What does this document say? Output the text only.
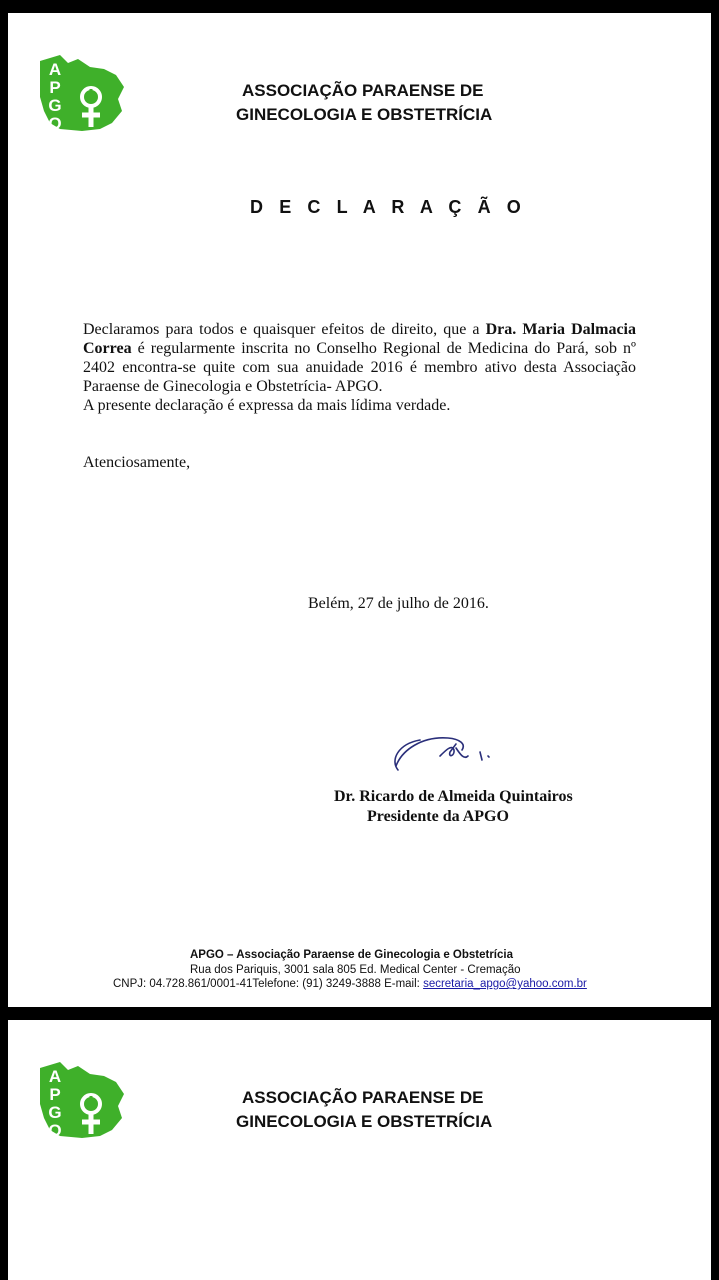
A
P
G
O
ASSOCIAÇÃO PARAENSE DE
GINECOLOGIA E OBSTETRÍCIA
D E C L A R A Ç Ã O

Declaramos para todos e quaisquer efeitos de direito, que a Dra. Maria Dalmacia Correa é regularmente inscrita no Conselho Regional de Medicina do Pará, sob nº 2402 encontra-se quite com sua anuidade 2016 é membro ativo desta Associação Paraense de Ginecologia e Obstetrícia- APGO.

A presente declaração é expressa da mais lídima verdade.

Atenciosamente,
Belém, 27 de julho de 2016.
Dr. Ricardo de Almeida Quintairos
Presidente da APGO
APGO – Associação Paraense de Ginecologia e Obstetrícia
Rua dos Pariquis, 3001 sala 805 Ed. Medical Center - Cremação
CNPJ: 04.728.861/0001-41Telefone: (91) 3249-3888 E-mail: secretaria_apgo@yahoo.com.br
A
P
G
O
ASSOCIAÇÃO PARAENSE DE
GINECOLOGIA E OBSTETRÍCIA
